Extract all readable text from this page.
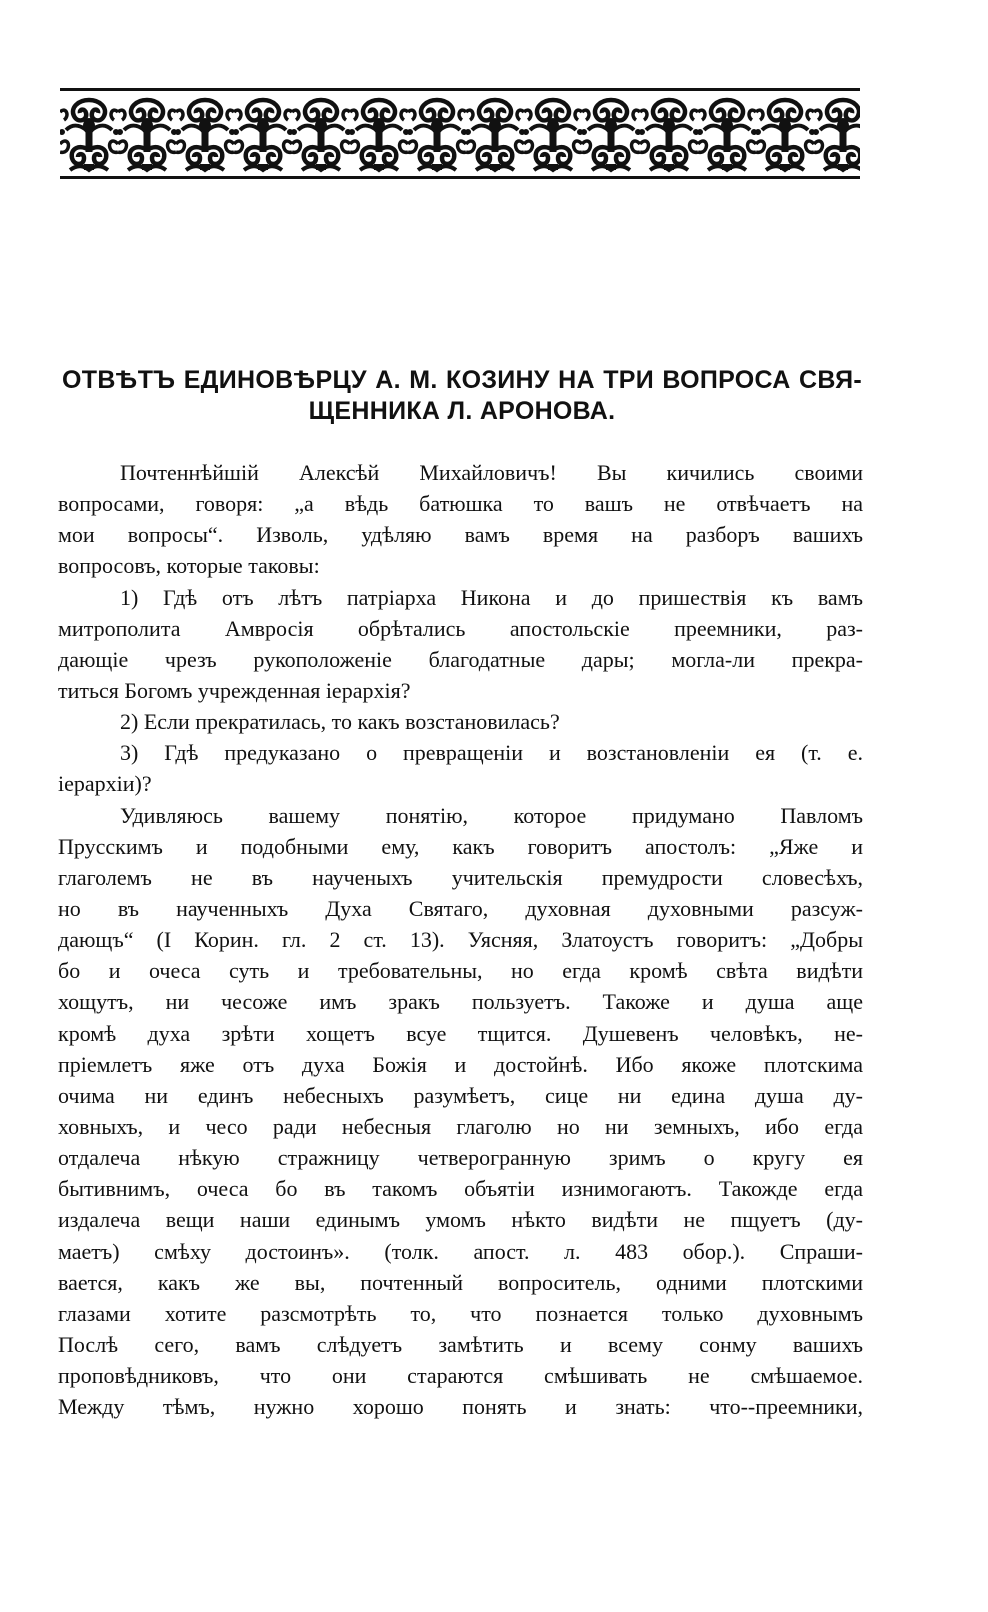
ОТВѢТЪ ЕДИНОВѢРЦУ А. М. КОЗИНУ НА ТРИ ВОПРОСА СВЯ-
ЩЕННИКА Л. АРОНОВА.
Почтеннѣйшій Алексѣй Михайловичъ! Вы кичились своими
вопросами, говоря: „а вѣдь батюшка то вашъ не отвѣчаетъ на
мои вопросы“. Изволь, удѣляю вамъ время на разборъ вашихъ
вопросовъ, которые таковы:
1) Гдѣ отъ лѣтъ патріарха Никона и до пришествія къ вамъ
митрополита Амвросія обрѣтались апостольскіе преемники, раз-
дающіе чрезъ рукоположеніе благодатные дары; могла-ли прекра-
титься Богомъ учрежденная іерархія?
2) Если прекратилась, то какъ возстановилась?
3) Гдѣ предуказано о превращеніи и возстановленіи ея (т. е.
іерархіи)?
Удивляюсь вашему понятію, которое придумано Павломъ
Прусскимъ и подобными ему, какъ говоритъ апостолъ: „Яже и
глаголемъ не въ наученыхъ учительскія премудрости словесѣхъ,
но въ наученныхъ Духа Святаго, духовная духовными разсуж-
дающъ“ (I Корин. гл. 2 ст. 13). Уясняя, Златоустъ говоритъ: „Добры
бо и очеса суть и требовательны, но егда кромѣ свѣта видѣти
хощутъ, ни чесоже имъ зракъ пользуетъ. Такоже и душа аще
кромѣ духа зрѣти хощетъ всуе тщится. Душевенъ человѣкъ, не-
пріемлетъ яже отъ духа Божія и достойнѣ. Ибо якоже плотскима
очима ни единъ небесныхъ разумѣетъ, сице ни едина душа ду-
ховныхъ, и чесо ради небесныя глаголю но ни земныхъ, ибо егда
отдалеча нѣкую стражницу четверогранную зримъ о кругу ея
бытивнимъ, очеса бо въ такомъ объятіи изнимогаютъ. Такожде егда
издалеча вещи наши единымъ умомъ нѣкто видѣти не пщуетъ (ду-
маетъ) смѣху достоинъ». (толк. апост. л. 483 обор.). Спраши-
вается, какъ же вы, почтенный вопроситель, одними плотскими
глазами хотите разсмотрѣть то, что познается только духовнымъ
Послѣ сего, вамъ слѣдуетъ замѣтить и всему сонму вашихъ
проповѣдниковъ, что они стараются смѣшивать не смѣшаемое.
Между тѣмъ, нужно хорошо понять и знать: что--преемники,
